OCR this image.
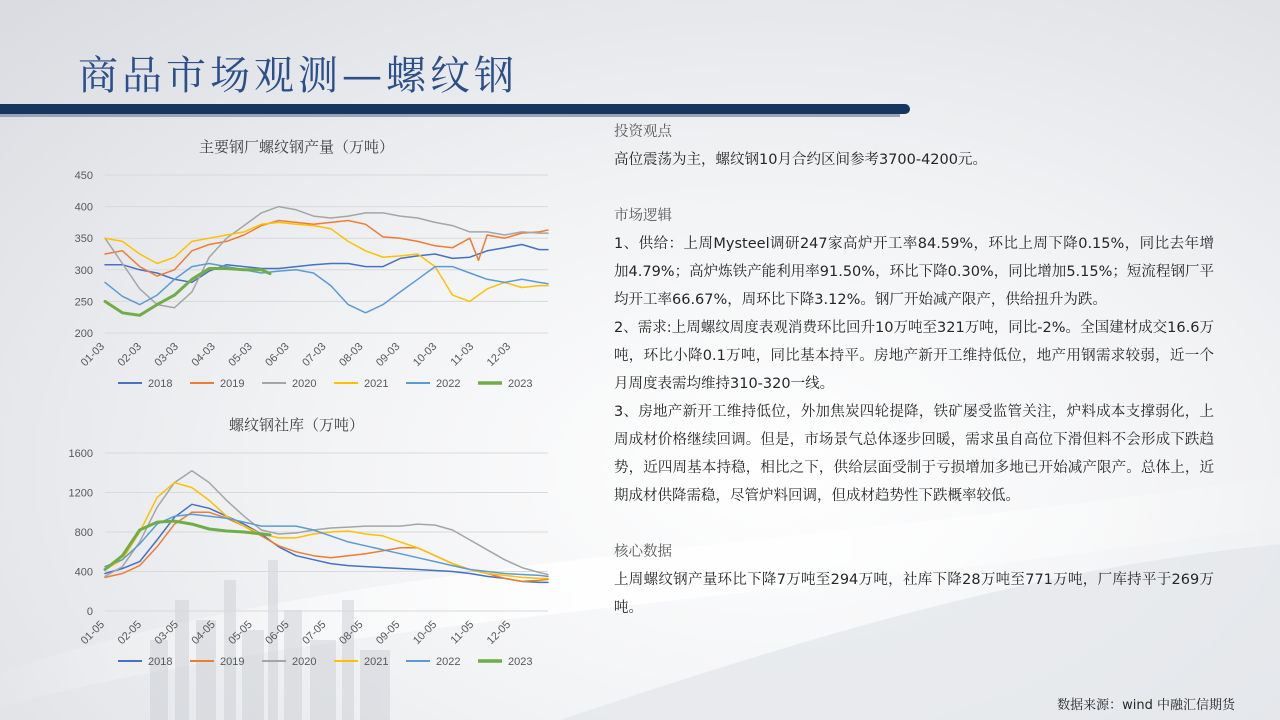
商品市场观测—螺纹钢
主要钢厂螺纹钢产量（万吨）
200
250
300
350
400
450
01-03 02-03 03-03 04-03 05-03 06-03 07-03 08-03 09-03 10-03 11-03 12-03
2018	2019	2020	2021	2022	2023
螺纹钢社库（万吨）
0
400
800
1200
1600
01-05 02-05 03-05 04-05 05-05 06-05 07-05 08-05 09-05 10-05 11-05 12-05
2018	2019	2020	2021	2022	2023
投资观点
高位震荡为主，螺纹钢10月合约区间参考3700-4200元。
市场逻辑
1、供给：上周Mysteel调研247家高炉开工率84.59%，环比上周下降0.15%，同比去年增加4.79%；高炉炼铁产能利用率91.50%，环比下降0.30%，同比增加5.15%；短流程钢厂平均开工率66.67%，周环比下降3.12%。钢厂开始减产限产，供给扭升为跌。
2、需求:上周螺纹周度表观消费环比回升10万吨至321万吨，同比-2%。全国建材成交16.6万吨，环比小降0.1万吨，同比基本持平。房地产新开工维持低位，地产用钢需求较弱，近一个月周度表需均维持310-320一线。
3、房地产新开工维持低位，外加焦炭四轮提降，铁矿屡受监管关注，炉料成本支撑弱化，上周成材价格继续回调。但是，市场景气总体逐步回暖，需求虽自高位下滑但料不会形成下跌趋势，近四周基本持稳，相比之下，供给层面受制于亏损增加多地已开始减产限产。总体上，近期成材供降需稳，尽管炉料回调，但成材趋势性下跌概率较低。
核心数据
上周螺纹钢产量环比下降7万吨至294万吨，社库下降28万吨至771万吨，厂库持平于269万吨。
数据来源：wind 中融汇信期货
